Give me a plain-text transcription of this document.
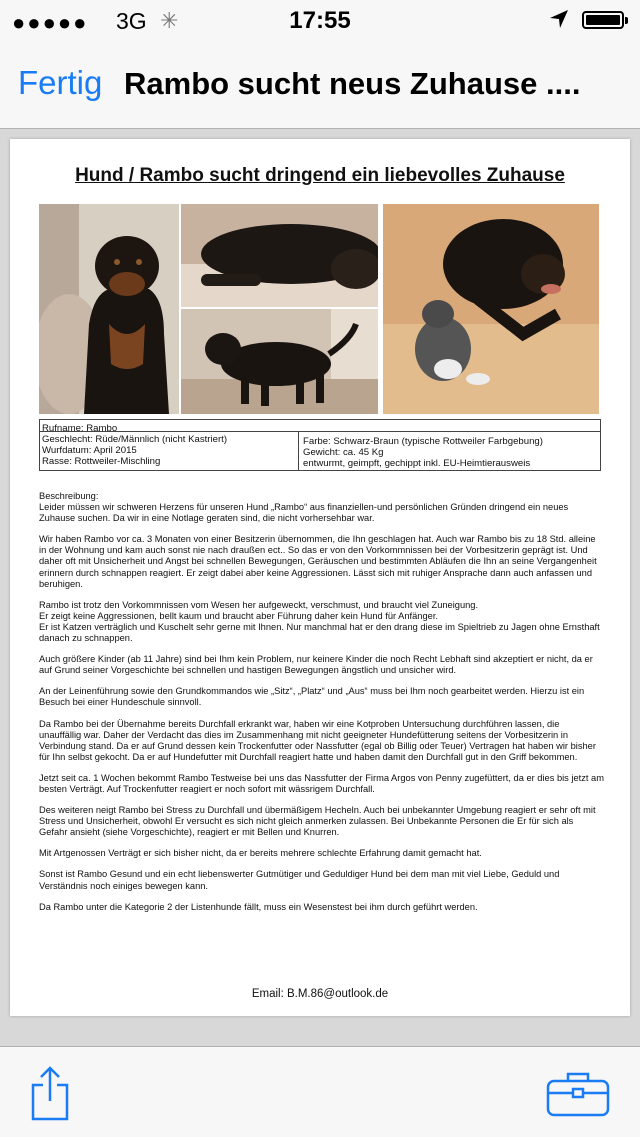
●●●●● 3G ✳	17:55
Fertig Rambo sucht neus Zuhause ....
Hund / Rambo sucht dringend ein liebevolles Zuhause
Rufname: Rambo
Geschlecht: Rüde/Männlich (nicht Kastriert)
Wurfdatum: April 2015
Rasse: Rottweiler-Mischling
Farbe: Schwarz-Braun (typische Rottweiler Farbgebung)
Gewicht: ca. 45 Kg
entwurmt, geimpft, gechippt inkl. EU-Heimtierausweis

Beschreibung:
Leider müssen wir schweren Herzens für unseren Hund „Rambo“ aus finanziellen-und persönlichen Gründen dringend ein neues Zuhause suchen. Da wir in eine Notlage geraten sind, die nicht vorhersehbar war.

Wir haben Rambo vor ca. 3 Monaten von einer Besitzerin übernommen, die Ihn geschlagen hat. Auch war Rambo bis zu 18 Std. alleine in der Wohnung und kam auch sonst nie nach draußen ect.. So das er von den Vorkommnissen bei der Vorbesitzerin geprägt ist. Und daher oft mit Unsicherheit und Angst bei schnellen Bewegungen, Geräuschen und bestimmten Abläufen die Ihn an seine Vergangenheit erinnern durch schnappen reagiert. Er zeigt dabei aber keine Aggressionen. Lässt sich mit ruhiger Ansprache dann auch anfassen und beruhigen.

Rambo ist trotz den Vorkommnissen vom Wesen her aufgeweckt, verschmust, und braucht viel Zuneigung.
Er zeigt keine Aggressionen, bellt kaum und braucht aber Führung daher kein Hund für Anfänger.
Er ist Katzen verträglich und Kuschelt sehr gerne mit Ihnen. Nur manchmal hat er den drang diese im Spieltrieb zu Jagen ohne Ernsthaft danach zu schnappen.

Auch größere Kinder (ab 11 Jahre) sind bei Ihm kein Problem, nur keinere Kinder die noch Recht Lebhaft sind akzeptiert er nicht, da er auf Grund seiner Vorgeschichte bei schnellen und hastigen Bewegungen ängstlich und unsicher wird.

An der Leinenführung sowie den Grundkommandos wie „Sitz“, „Platz“ und „Aus“ muss bei Ihm noch gearbeitet werden. Hierzu ist ein Besuch bei einer Hundeschule sinnvoll.

Da Rambo bei der Übernahme bereits Durchfall erkrankt war, haben wir eine Kotproben Untersuchung durchführen lassen, die unauffällig war. Daher der Verdacht das dies im Zusammenhang mit nicht geeigneter Hundefütterung seitens der Vorbesitzerin in Verbindung stand. Da er auf Grund dessen kein Trockenfutter oder Nassfutter (egal ob Billig oder Teuer) Vertragen hat haben wir bisher für Ihn selbst gekocht. Da er auf Hundefutter mit Durchfall reagiert hatte und haben damit den Durchfall gut in den Griff bekommen.

Jetzt seit ca. 1 Wochen bekommt Rambo Testweise bei uns das Nassfutter der Firma Argos von Penny zugefüttert, da er dies bis jetzt am besten Verträgt. Auf Trockenfutter reagiert er noch sofort mit wässrigem Durchfall.

Des weiteren neigt Rambo bei Stress zu Durchfall und übermäßigem Hecheln. Auch bei unbekannter Umgebung reagiert er sehr oft mit Stress und Unsicherheit, obwohl Er versucht es sich nicht gleich anmerken zulassen. Bei Unbekannte Personen die Er für sich als Gefahr ansieht (siehe Vorgeschichte), reagiert er mit Bellen und Knurren.

Mit Artgenossen Verträgt er sich bisher nicht, da er bereits mehrere schlechte Erfahrung damit gemacht hat.

Sonst ist Rambo Gesund und ein echt liebenswerter Gutmütiger und Geduldiger Hund bei dem man mit viel Liebe, Geduld und Verständnis noch einiges bewegen kann.

Da Rambo unter die Kategorie 2 der Listenhunde fällt, muss ein Wesenstest bei ihm durch geführt werden.

Email: B.M.86@outlook.de
